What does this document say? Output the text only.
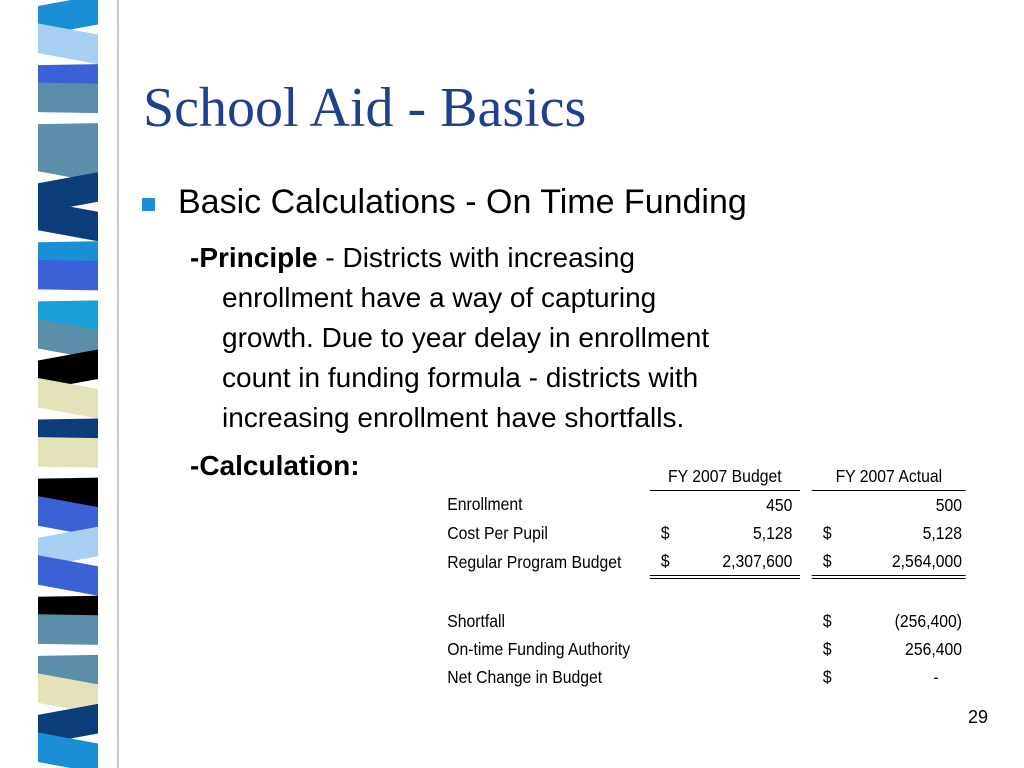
School Aid - Basics
Basic Calculations - On Time Funding
-Principle - Districts with increasing
enrollment have a way of capturing
growth. Due to year delay in enrollment
count in funding formula - districts with
increasing enrollment have shortfalls.
-Calculation:
		FY 2007 Budget			FY 2007 Actual	
Enrollment		450			500
Cost Per Pupil	$	5,128		$	5,128
Regular Program Budget	$	2,307,600		$	2,564,000

Shortfall				$	(256,400)
On-time Funding Authority				$	256,400
Net Change in Budget				$	-
29
